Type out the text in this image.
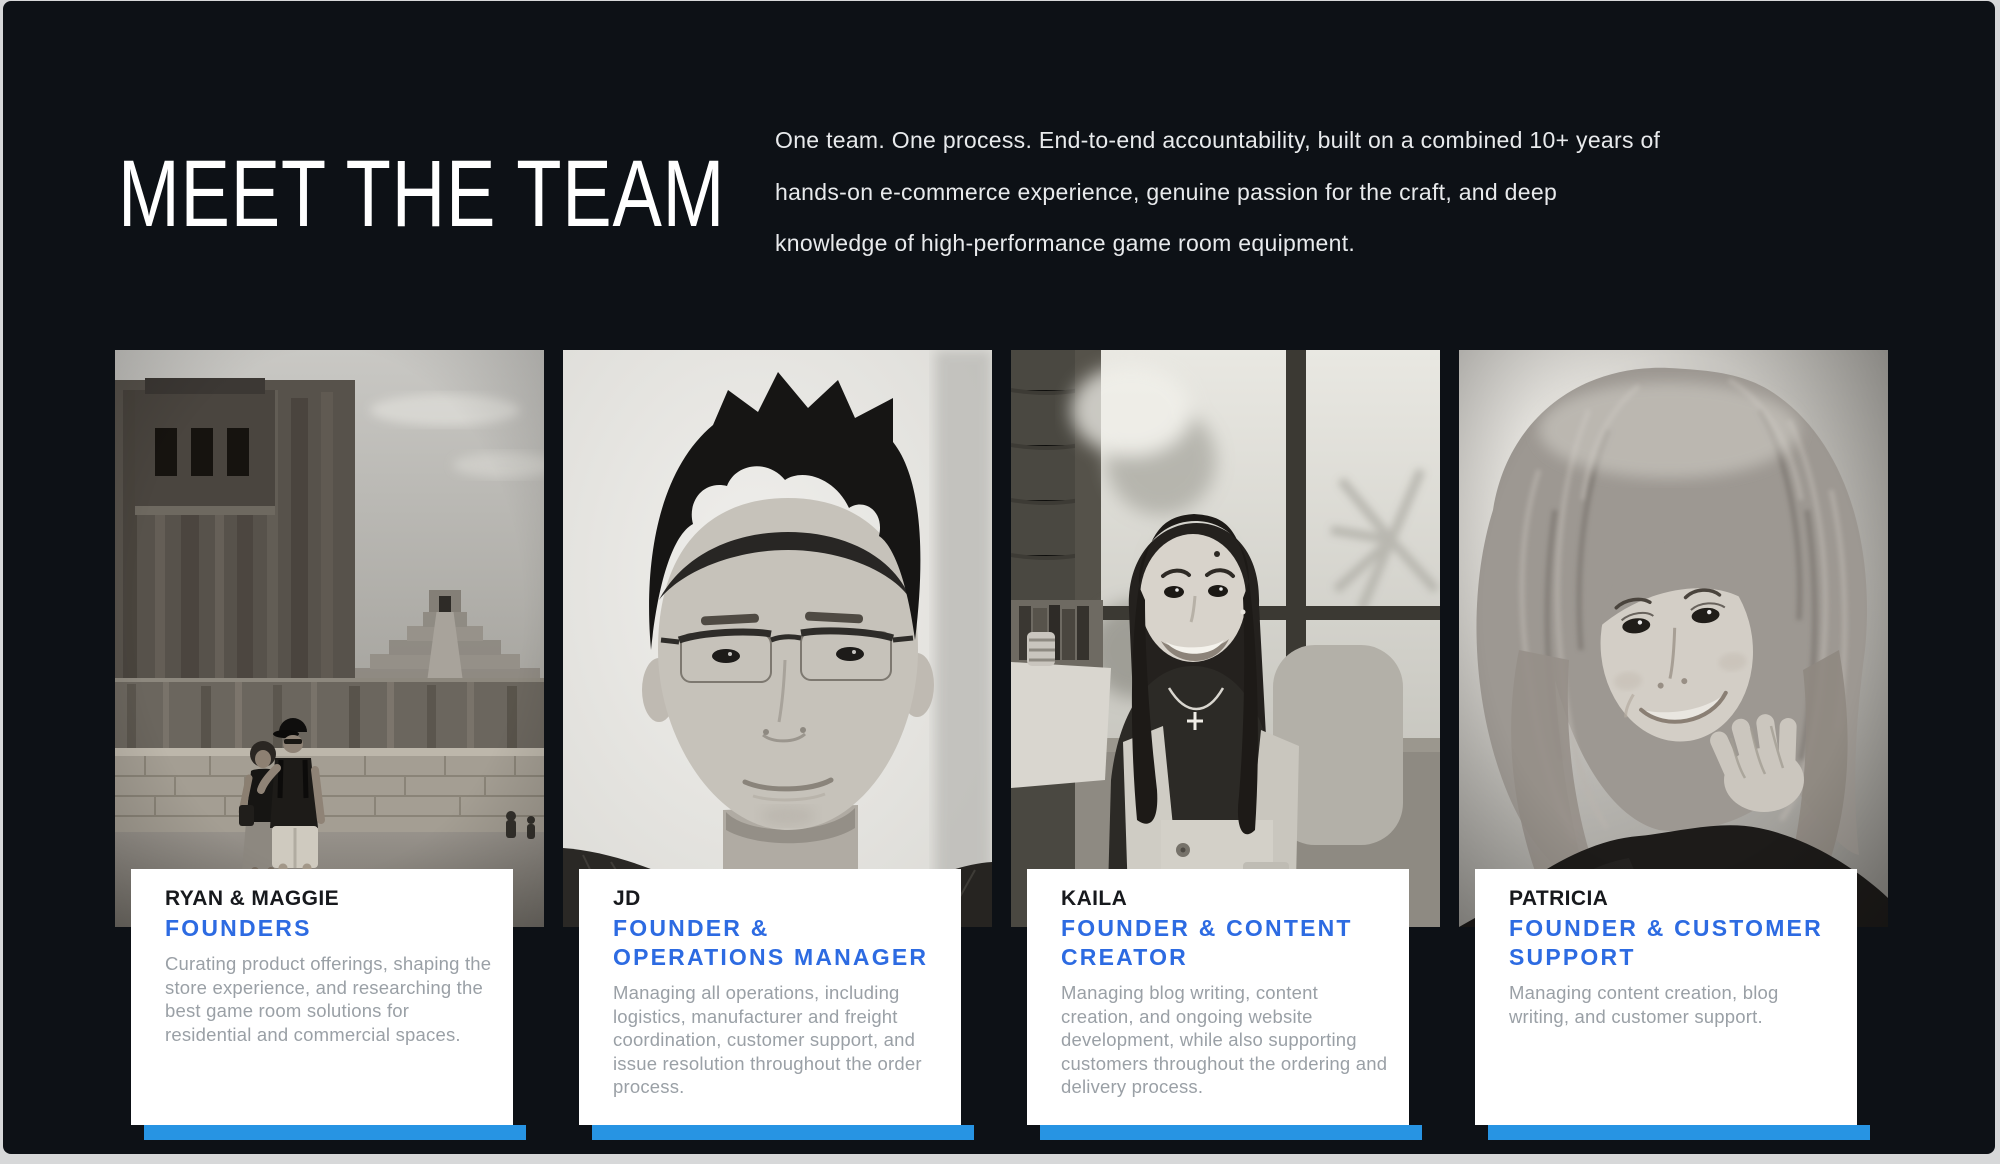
MEET THE TEAM

One team. One process. End-to-end accountability, built on a combined 10+ years of
hands-on e-commerce experience, genuine passion for the craft, and deep
knowledge of high-performance game room equipment.

RYAN & MAGGIE
FOUNDERS

Curating product offerings, shaping the store experience, and researching the best game room solutions for residential and commercial spaces.

JD
FOUNDER & OPERATIONS MANAGER

Managing all operations, including logistics, manufacturer and freight coordination, customer support, and issue resolution throughout the order process.

KAILA
FOUNDER & CONTENT CREATOR

Managing blog writing, content creation, and ongoing website development, while also supporting customers throughout the ordering and delivery process.

PATRICIA
FOUNDER & CUSTOMER SUPPORT

Managing content creation, blog writing, and customer support.
